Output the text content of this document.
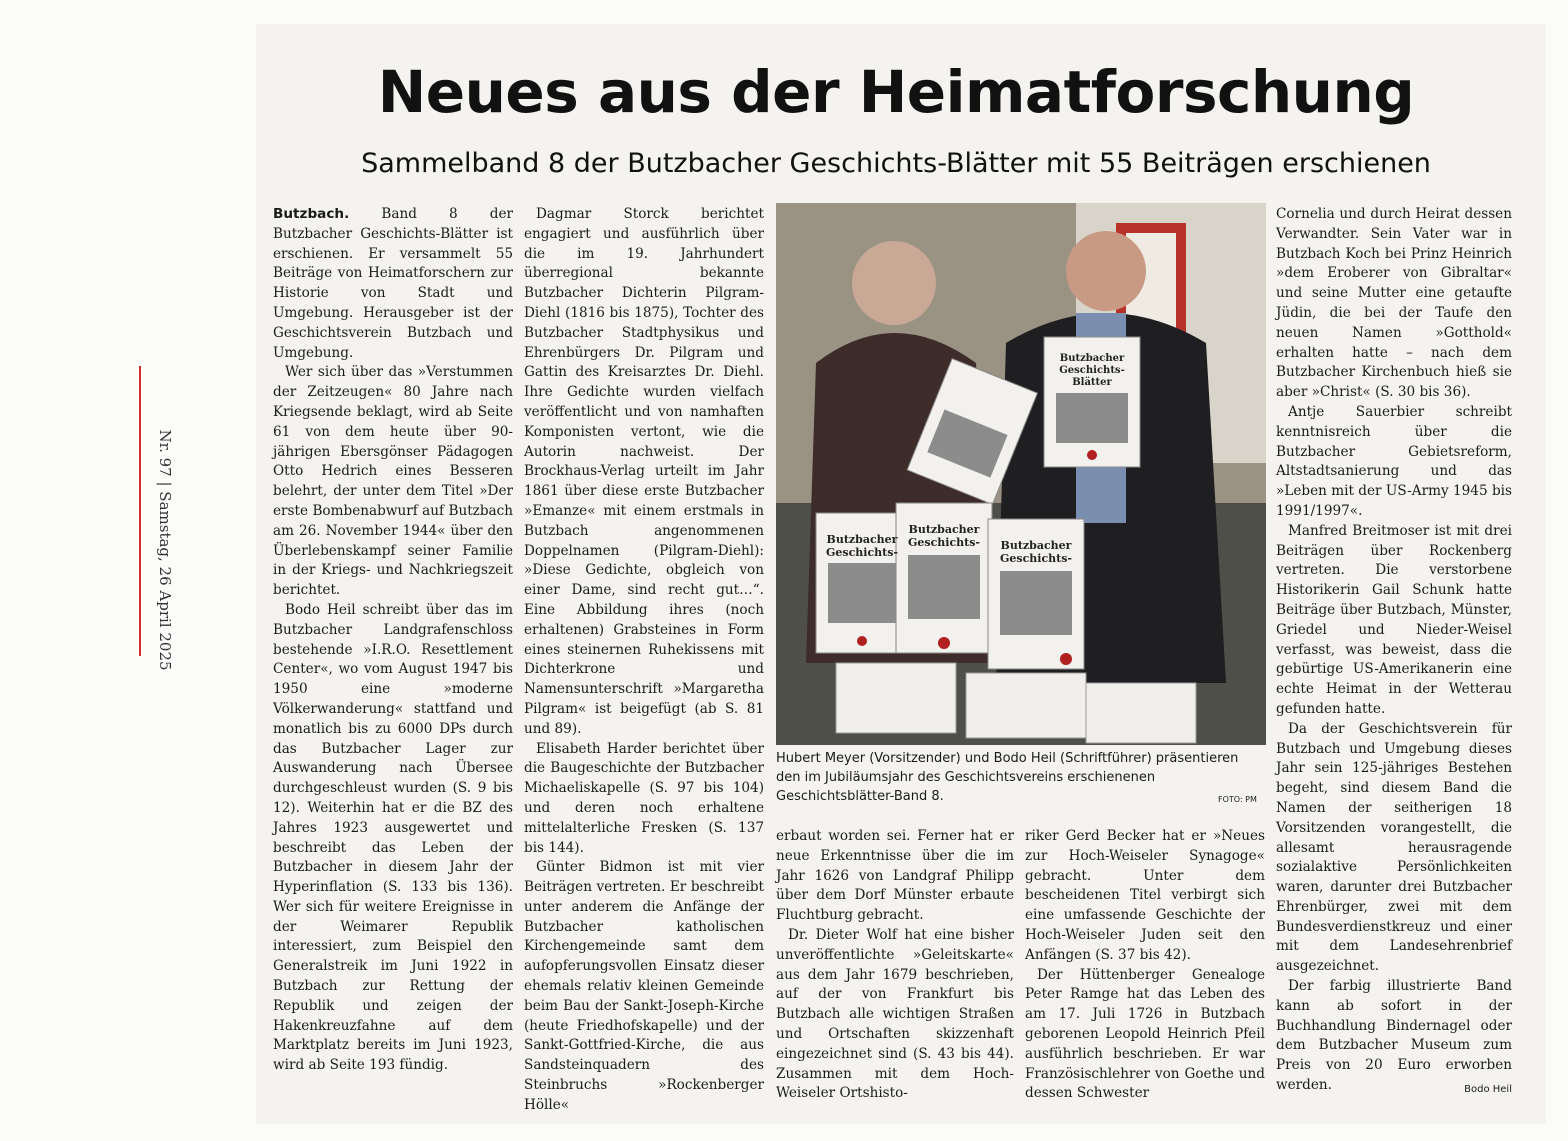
Nr. 97 | Samstag, 26 April 2025
Neues aus der Heimatforschung
Sammelband 8 der Butzbacher Geschichts-Blätter mit 55 Beiträgen erschienen

Butzbach. Band 8 der Butzbacher Geschichts-Blätter ist erschienen. Er versammelt 55 Beiträge von Heimatforschern zur Historie von Stadt und Umgebung. Herausgeber ist der Geschichtsverein Butzbach und Umgebung.

Wer sich über das »Verstummen der Zeitzeugen« 80 Jahre nach Kriegsende beklagt, wird ab Seite 61 von dem heute über 90-jährigen Ebersgönser Pädagogen Otto Hedrich eines Besseren belehrt, der unter dem Titel »Der erste Bombenabwurf auf Butzbach am 26. November 1944« über den Überlebenskampf seiner Familie in der Kriegs- und Nachkriegszeit berichtet.

Bodo Heil schreibt über das im Butzbacher Landgrafenschloss bestehende »I.R.O. Resettlement Center«, wo vom August 1947 bis 1950 eine »moderne Völkerwanderung« stattfand und monatlich bis zu 6000 DPs durch das Butzbacher Lager zur Auswanderung nach Übersee durchgeschleust wurden (S. 9 bis 12). Weiterhin hat er die BZ des Jahres 1923 ausgewertet und beschreibt das Leben der Butzbacher in diesem Jahr der Hyperinflation (S. 133 bis 136). Wer sich für weitere Ereignisse in der Weimarer Republik interessiert, zum Beispiel den Generalstreik im Juni 1922 in Butzbach zur Rettung der Republik und zeigen der Hakenkreuzfahne auf dem Marktplatz bereits im Juni 1923, wird ab Seite 193 fündig.

Dagmar Storck berichtet engagiert und ausführlich über die im 19. Jahrhundert überregional bekannte Butzbacher Dichterin Pilgram-Diehl (1816 bis 1875), Tochter des Butzbacher Stadtphysikus und Ehrenbürgers Dr. Pilgram und Gattin des Kreisarztes Dr. Diehl. Ihre Gedichte wurden vielfach veröffentlicht und von namhaften Komponisten vertont, wie die Autorin nachweist. Der Brockhaus-Verlag urteilt im Jahr 1861 über diese erste Butzbacher »Emanze« mit einem erstmals in Butzbach angenommenen Doppelnamen (Pilgram-Diehl): »Diese Gedichte, obgleich von einer Dame, sind recht gut…“. Eine Abbildung ihres (noch erhaltenen) Grabsteines in Form eines steinernen Ruhekissens mit Dichterkrone und Namensunterschrift »Margaretha Pilgram« ist beigefügt (ab S. 81 und 89).

Elisabeth Harder berichtet über die Baugeschichte der Butzbacher Michaeliskapelle (S. 97 bis 104) und deren noch erhaltene mittelalterliche Fresken (S. 137 bis 144).

Günter Bidmon ist mit vier Beiträgen vertreten. Er beschreibt unter anderem die Anfänge der Butzbacher katholischen Kirchengemeinde samt dem aufopferungsvollen Einsatz dieser ehemals relativ kleinen Gemeinde beim Bau der Sankt-Joseph-Kirche (heute Friedhofskapelle) und der Sankt-Gottfried-Kirche, die aus Sandsteinquadern des Steinbruchs »Rockenberger Hölle«

Butzbacher
Geschichts-
Blätter
Butzbacher
Geschichts- Butzbacher
Geschichts-
Butzbacher
Geschichts-
Hubert Meyer (Vorsitzender) und Bodo Heil (Schriftführer) präsentieren den im Jubiläumsjahr des Geschichtsvereins erschienenen Geschichtsblätter-Band 8.	FOTO: PM

erbaut worden sei. Ferner hat er neue Erkenntnisse über die im Jahr 1626 von Landgraf Philipp über dem Dorf Münster erbaute Fluchtburg gebracht.

Dr. Dieter Wolf hat eine bisher unveröffentlichte »Geleitskarte« aus dem Jahr 1679 beschrieben, auf der von Frankfurt bis Butzbach alle wichtigen Straßen und Ortschaften skizzenhaft eingezeichnet sind (S. 43 bis 44). Zusammen mit dem Hoch-Weiseler Ortshisto-

riker Gerd Becker hat er »Neues zur Hoch-Weiseler Synagoge« gebracht. Unter dem bescheidenen Titel verbirgt sich eine umfassende Geschichte der Hoch-Weiseler Juden seit den Anfängen (S. 37 bis 42).

Der Hüttenberger Genealoge Peter Ramge hat das Leben des am 17. Juli 1726 in Butzbach geborenen Leopold Heinrich Pfeil ausführlich beschrieben. Er war Französischlehrer von Goethe und dessen Schwester

Cornelia und durch Heirat dessen Verwandter. Sein Vater war in Butzbach Koch bei Prinz Heinrich »dem Eroberer von Gibraltar« und seine Mutter eine getaufte Jüdin, die bei der Taufe den neuen Namen »Gotthold« erhalten hatte – nach dem Butzbacher Kirchenbuch hieß sie aber »Christ« (S. 30 bis 36).

Antje Sauerbier schreibt kenntnisreich über die Butzbacher Gebietsreform, Altstadtsanierung und das »Leben mit der US-Army 1945 bis 1991/1997«.

Manfred Breitmoser ist mit drei Beiträgen über Rockenberg vertreten. Die verstorbene Historikerin Gail Schunk hatte Beiträge über Butzbach, Münster, Griedel und Nieder-Weisel verfasst, was beweist, dass die gebürtige US-Amerikanerin eine echte Heimat in der Wetterau gefunden hatte.

Da der Geschichtsverein für Butzbach und Umgebung dieses Jahr sein 125-jähriges Bestehen begeht, sind diesem Band die Namen der seitherigen 18 Vorsitzenden vorangestellt, die allesamt herausragende sozialaktive Persönlichkeiten waren, darunter drei Butzbacher Ehrenbürger, zwei mit dem Bundesverdienstkreuz und einer mit dem Landesehrenbrief ausgezeichnet.

Der farbig illustrierte Band kann ab sofort in der Buchhandlung Bindernagel oder dem Butzbacher Museum zum Preis von 20 Euro erworben werden.	Bodo Heil
